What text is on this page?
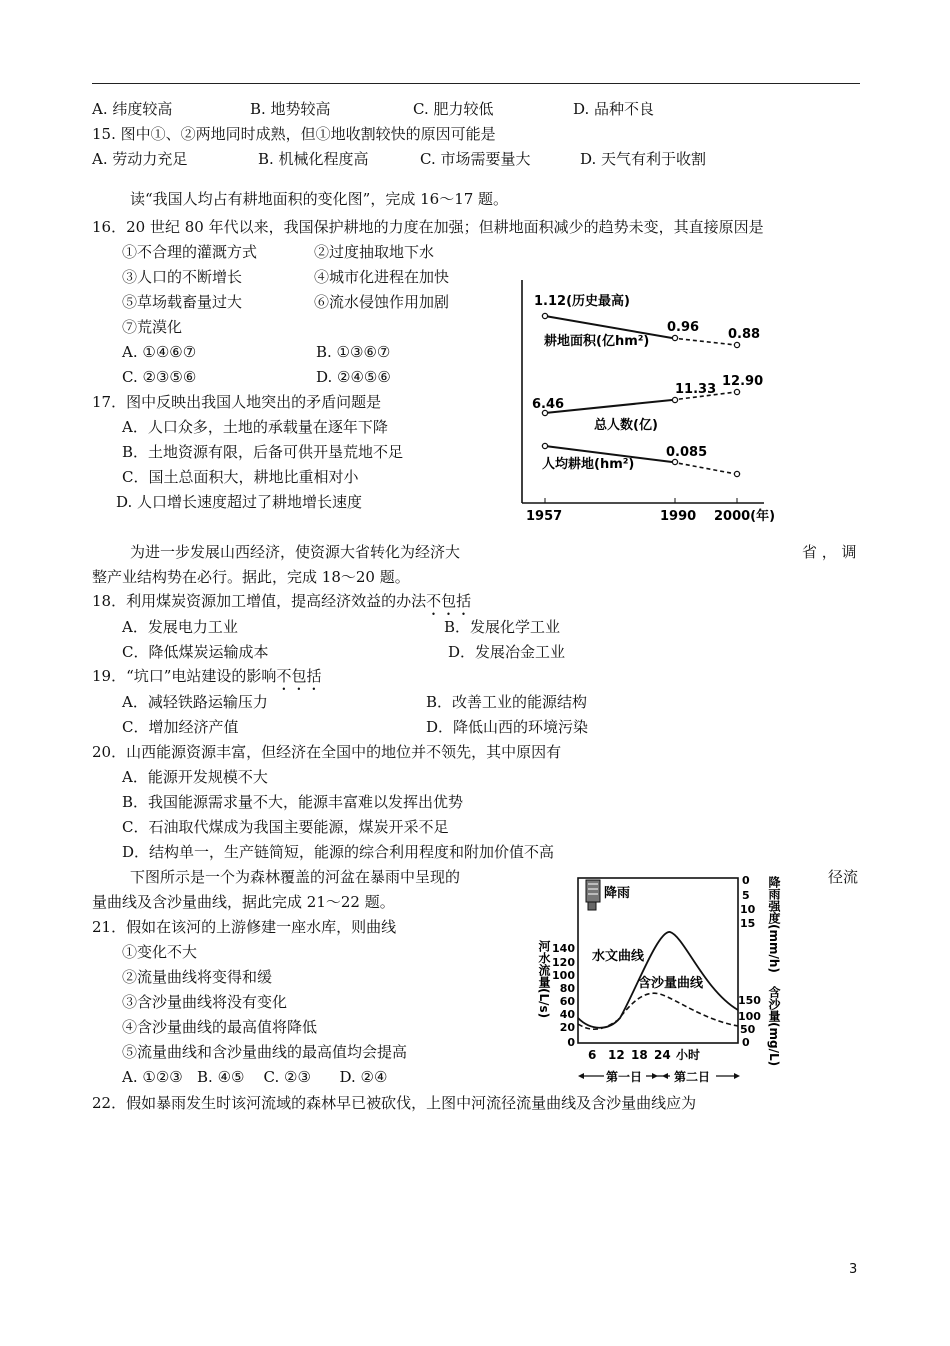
A. 纬度较高	B. 地势较高	C. 肥力较低	D. 品种不良
15. 图中①、②两地同时成熟，但①地收割较快的原因可能是
A. 劳动力充足	B. 机械化程度高	C. 市场需要量大	D. 天气有利于收割
读“我国人均占有耕地面积的变化图”，完成 16～17 题。
16．20 世纪 80 年代以来，我国保护耕地的力度在加强；但耕地面积减少的趋势未变，其直接原因是
①不合理的灌溉方式	②过度抽取地下水
③人口的不断增长	④城市化进程在加快
⑤草场载畜量过大	⑥流水侵蚀作用加剧
⑦荒漠化
A. ①④⑥⑦	B. ①③⑥⑦
C. ②③⑤⑥	D. ②④⑤⑥
17．图中反映出我国人地突出的矛盾问题是
A．人口众多，土地的承载量在逐年下降
B．土地资源有限，后备可供开垦荒地不足
C．国土总面积大，耕地比重相对小
D. 人口增长速度超过了耕地增长速度
1.12(历史最高)
0.96 0.88
耕地面积(亿hm²)
6.46
11.33
12.90
总人数(亿)
0.085
人均耕地(hm²)
1957	1990 2000(年)
为进一步发展山西经济，使资源大省转化为经济大	省 ， 调
整产业结构势在必行。据此，完成 18～20 题。
18．利用煤炭资源加工增值，提高经济效益的办法不包括
A．发展电力工业	B．发展化学工业
C．降低煤炭运输成本	D．发展冶金工业
19．“坑口”电站建设的影响不包括
A．减轻铁路运输压力	B．改善工业的能源结构
C．增加经济产值	D．降低山西的环境污染
20．山西能源资源丰富，但经济在全国中的地位并不领先，其中原因有
A．能源开发规模不大
B．我国能源需求量不大，能源丰富难以发挥出优势
C．石油取代煤成为我国主要能源，煤炭开采不足
D．结构单一，生产链简短，能源的综合利用程度和附加价值不高
下图所示是一个为森林覆盖的河盆在暴雨中呈现的	径流
量曲线及含沙量曲线，据此完成 21～22 题。
21．假如在该河的上游修建一座水库，则曲线
①变化不大
②流量曲线将变得和缓
③含沙量曲线将没有变化
④含沙量曲线的最高值将降低
⑤流量曲线和含沙量曲线的最高值均会提高
A. ①②③   B. ④⑤    C. ②③      D. ②④
22．假如暴雨发生时该河流域的森林早已被砍伐，上图中河流径流量曲线及含沙量曲线应为
降雨
河水流量(L/s) 140
120
100
80
60
40
20
0
0
5
10
15
150
100
50
0
降雨强度(mm/h)
含沙量(mg/L)
水文曲线
含沙量曲线
6 12 18 24 小时
第一日	第二日
3
